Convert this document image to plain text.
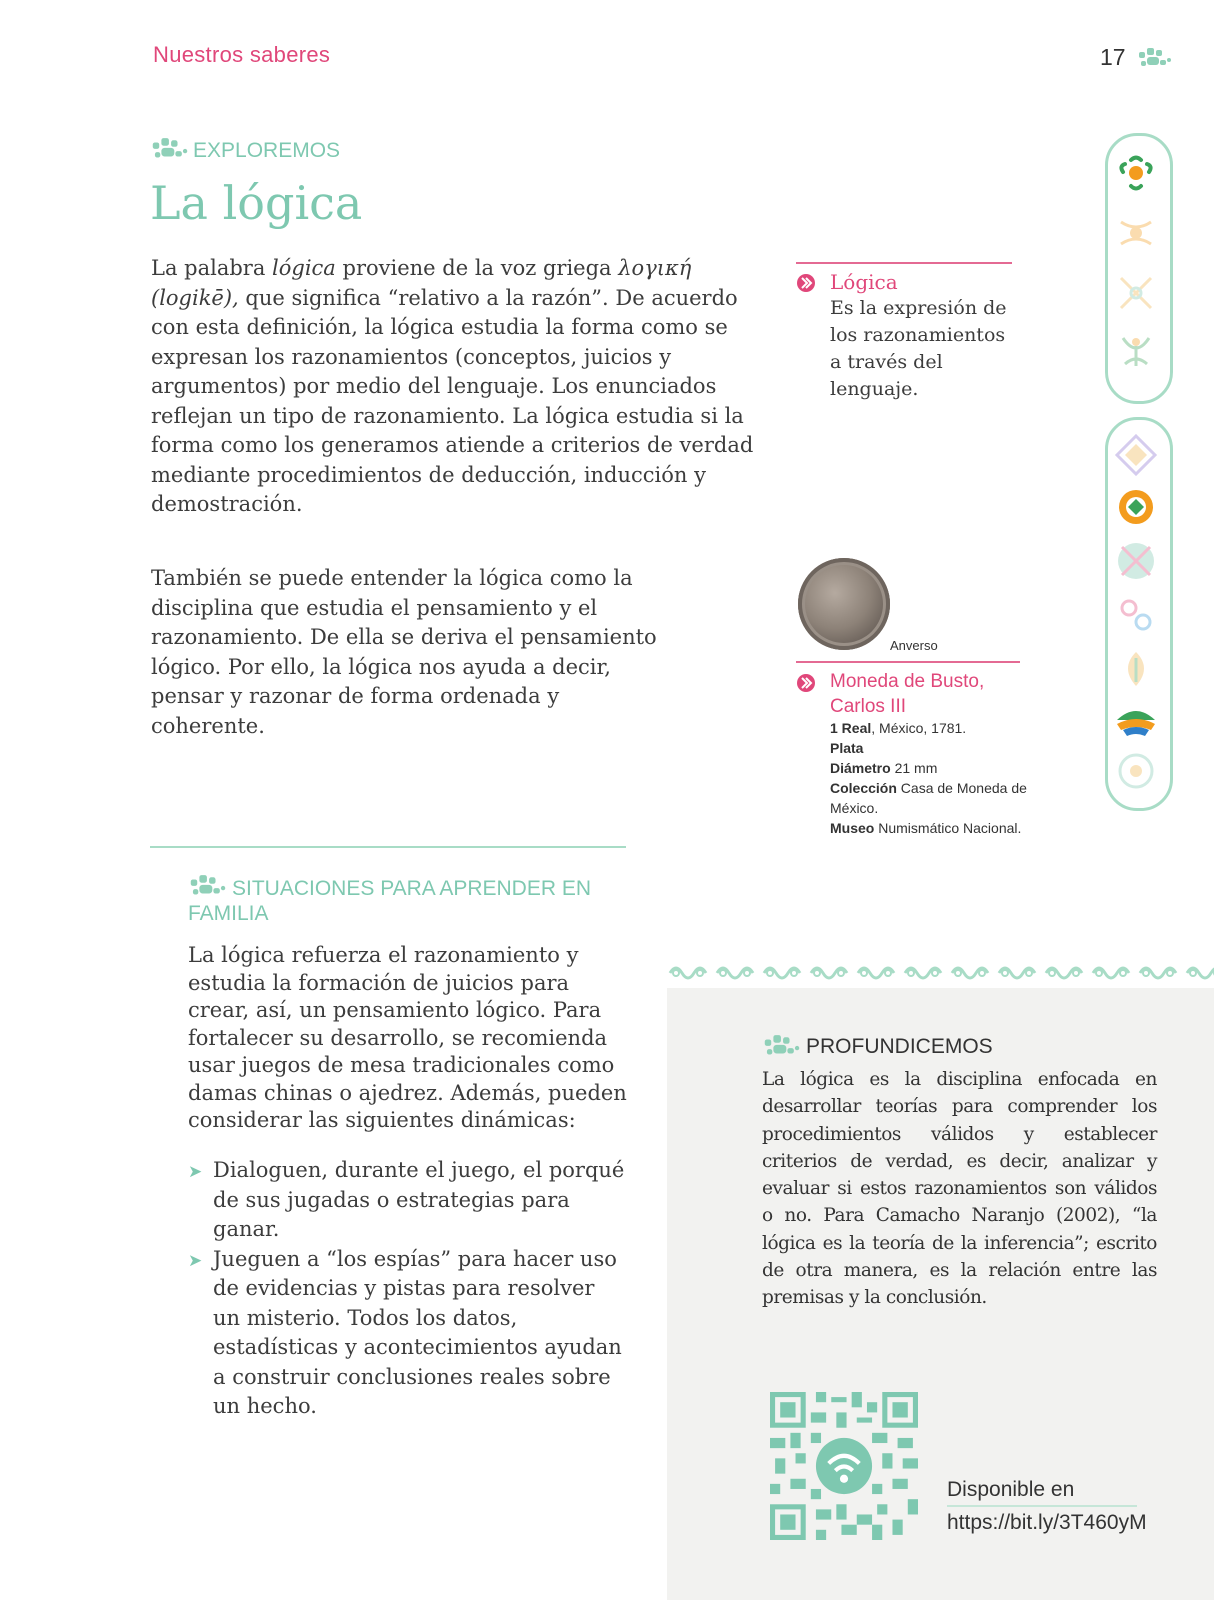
Nuestros saberes	17
EXPLOREMOS
La lógica

La palabra lógica proviene de la voz griega λογική (logikē), que significa “relativo a la razón”. De acuerdo con esta definición, la lógica estudia la forma como se expresan los razonamientos (conceptos, juicios y argumentos) por medio del lenguaje. Los enunciados reflejan un tipo de razonamiento. La lógica estudia si la forma como los generamos atiende a criterios de verdad mediante procedimientos de deducción, inducción y demostración.

También se puede entender la lógica como la disciplina que estudia el pensamiento y el razonamiento. De ella se deriva el pensamiento lógico. Por ello, la lógica nos ayuda a decir, pensar y razonar de forma ordenada y coherente.

Lógica
Es la expresión de los razonamientos a través del lenguaje.
Anverso
Moneda de Busto, Carlos III
1 Real, México, 1781.
Plata
Diámetro 21 mm
Colección Casa de Moneda de México.
Museo Numismático Nacional.
SITUACIONES PARA APRENDER EN FAMILIA

La lógica refuerza el razonamiento y estudia la formación de juicios para crear, así, un pensamiento lógico. Para fortalecer su desarrollo, se recomienda usar juegos de mesa tradicionales como damas chinas o ajedrez. Además, pueden considerar las siguientes dinámicas:

➤ Dialoguen, durante el juego, el porqué de sus jugadas o estrategias para ganar.
➤ Jueguen a “los espías” para hacer uso de evidencias y pistas para resolver un misterio. Todos los datos, estadísticas y acontecimientos ayudan a construir conclusiones reales sobre un hecho.
PROFUNDICEMOS

La lógica es la disciplina enfocada en desarrollar teorías para comprender los procedimientos válidos y establecer criterios de verdad, es decir, analizar y evaluar si estos razonamientos son válidos o no. Para Camacho Naranjo (2002), “la lógica es la teoría de la inferencia”; escrito de otra manera, es la relación entre las premisas y la conclusión.

Disponible en
https://bit.ly/3T460yM
